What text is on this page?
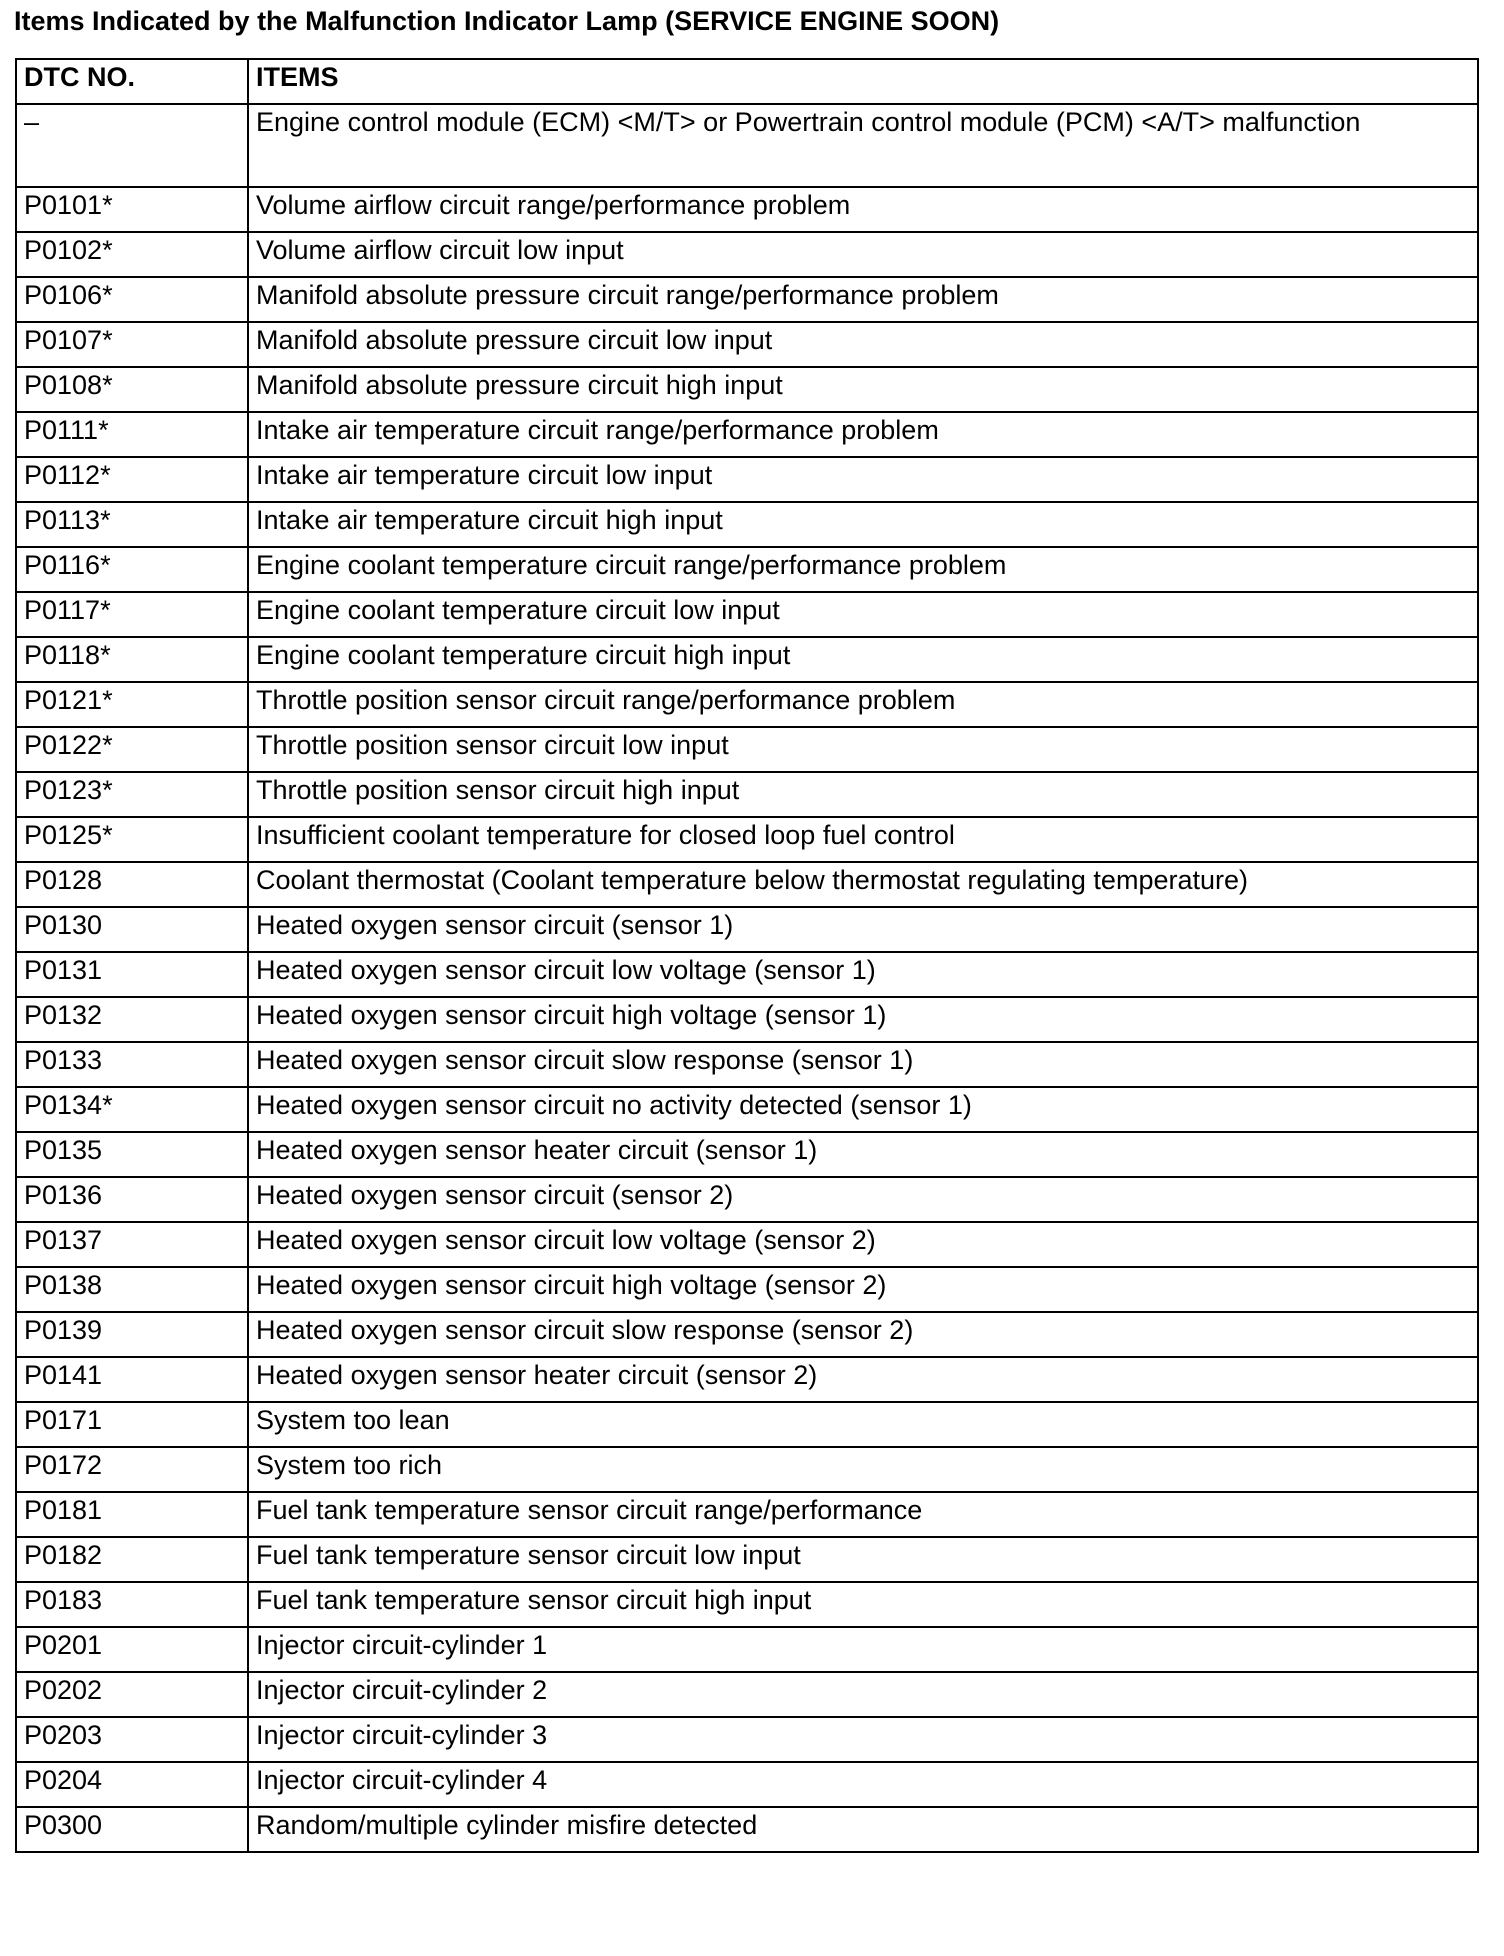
Items Indicated by the Malfunction Indicator Lamp (SERVICE ENGINE SOON)
DTC NO.	ITEMS
–	Engine control module (ECM) <M/T> or Powertrain control module (PCM) <A/T> malfunction
P0101*	Volume airflow circuit range/performance problem
P0102*	Volume airflow circuit low input
P0106*	Manifold absolute pressure circuit range/performance problem
P0107*	Manifold absolute pressure circuit low input
P0108*	Manifold absolute pressure circuit high input
P0111*	Intake air temperature circuit range/performance problem
P0112*	Intake air temperature circuit low input
P0113*	Intake air temperature circuit high input
P0116*	Engine coolant temperature circuit range/performance problem
P0117*	Engine coolant temperature circuit low input
P0118*	Engine coolant temperature circuit high input
P0121*	Throttle position sensor circuit range/performance problem
P0122*	Throttle position sensor circuit low input
P0123*	Throttle position sensor circuit high input
P0125*	Insufficient coolant temperature for closed loop fuel control
P0128	Coolant thermostat (Coolant temperature below thermostat regulating temperature)
P0130	Heated oxygen sensor circuit (sensor 1)
P0131	Heated oxygen sensor circuit low voltage (sensor 1)
P0132	Heated oxygen sensor circuit high voltage (sensor 1)
P0133	Heated oxygen sensor circuit slow response (sensor 1)
P0134*	Heated oxygen sensor circuit no activity detected (sensor 1)
P0135	Heated oxygen sensor heater circuit (sensor 1)
P0136	Heated oxygen sensor circuit (sensor 2)
P0137	Heated oxygen sensor circuit low voltage (sensor 2)
P0138	Heated oxygen sensor circuit high voltage (sensor 2)
P0139	Heated oxygen sensor circuit slow response (sensor 2)
P0141	Heated oxygen sensor heater circuit (sensor 2)
P0171	System too lean
P0172	System too rich
P0181	Fuel tank temperature sensor circuit range/performance
P0182	Fuel tank temperature sensor circuit low input
P0183	Fuel tank temperature sensor circuit high input
P0201	Injector circuit-cylinder 1
P0202	Injector circuit-cylinder 2
P0203	Injector circuit-cylinder 3
P0204	Injector circuit-cylinder 4
P0300	Random/multiple cylinder misfire detected
